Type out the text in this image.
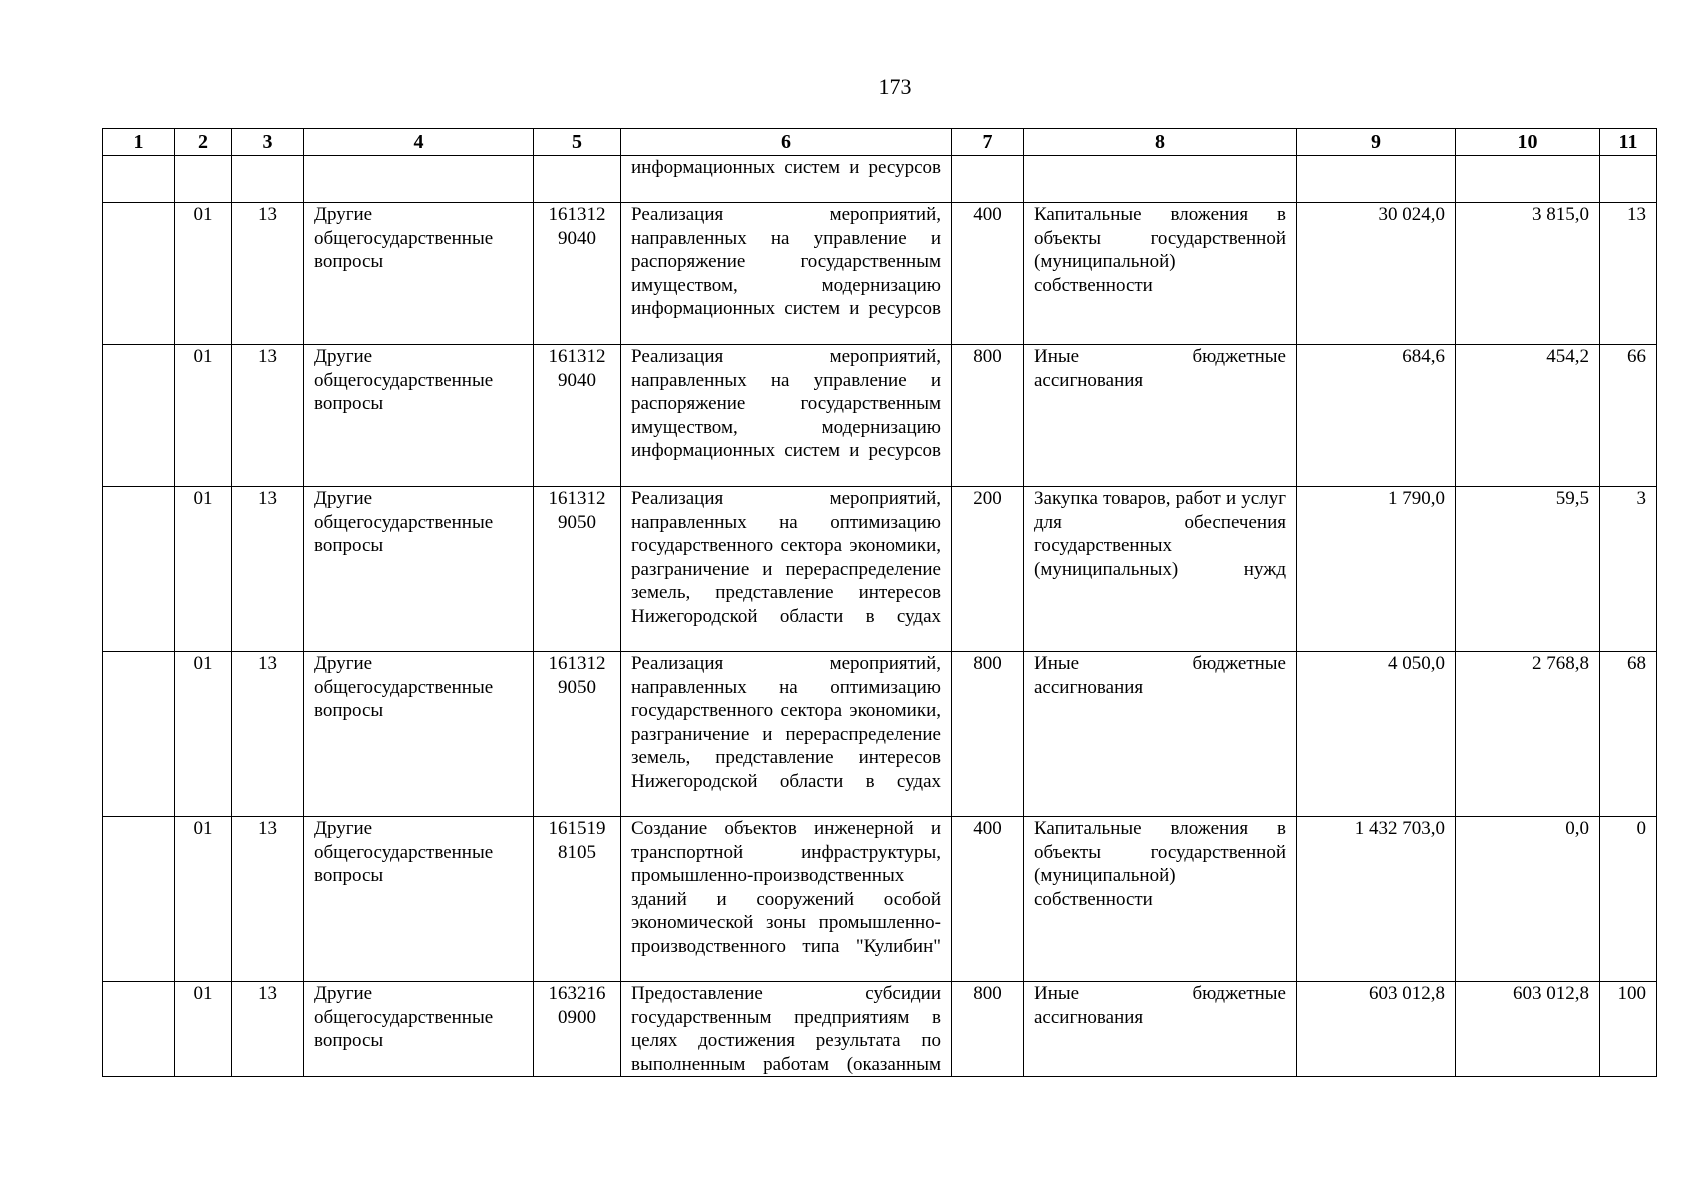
173
1	2	3	4	5	6	7	8	9	10	11
					информационных систем и ресурсов					
	01	13	Другие общегосударственные вопросы	161312 9040	Реализация мероприятий, направленных на управление и распоряжение государственным имуществом, модернизацию информационных систем и ресурсов	400	Капитальные вложения в объекты государственной (муниципальной) собственности	30 024,0	3 815,0	13
	01	13	Другие общегосударственные вопросы	161312 9040	Реализация мероприятий, направленных на управление и распоряжение государственным имуществом, модернизацию информационных систем и ресурсов	800	Иные бюджетные ассигнования	684,6	454,2	66
	01	13	Другие общегосударственные вопросы	161312 9050	Реализация мероприятий, направленных на оптимизацию государственного сектора экономики, разграничение и перераспределение земель, представление интересов Нижегородской области в судах	200	Закупка товаров, работ и услуг для обеспечения государственных (муниципальных) нужд	1 790,0	59,5	3
	01	13	Другие общегосударственные вопросы	161312 9050	Реализация мероприятий, направленных на оптимизацию государственного сектора экономики, разграничение и перераспределение земель, представление интересов Нижегородской области в судах	800	Иные бюджетные ассигнования	4 050,0	2 768,8	68
	01	13	Другие общегосударственные вопросы	161519 8105	Создание объектов инженерной и транспортной инфраструктуры, промышленно-производственных зданий и сооружений особой экономической зоны промышленно-производственного типа "Кулибин"	400	Капитальные вложения в объекты государственной (муниципальной) собственности	1 432 703,0	0,0	0
	01	13	Другие общегосударственные вопросы	163216 0900	Предоставление субсидии государственным предприятиям в целях достижения результата по выполненным работам (оказанным	800	Иные бюджетные ассигнования	603 012,8	603 012,8	100
